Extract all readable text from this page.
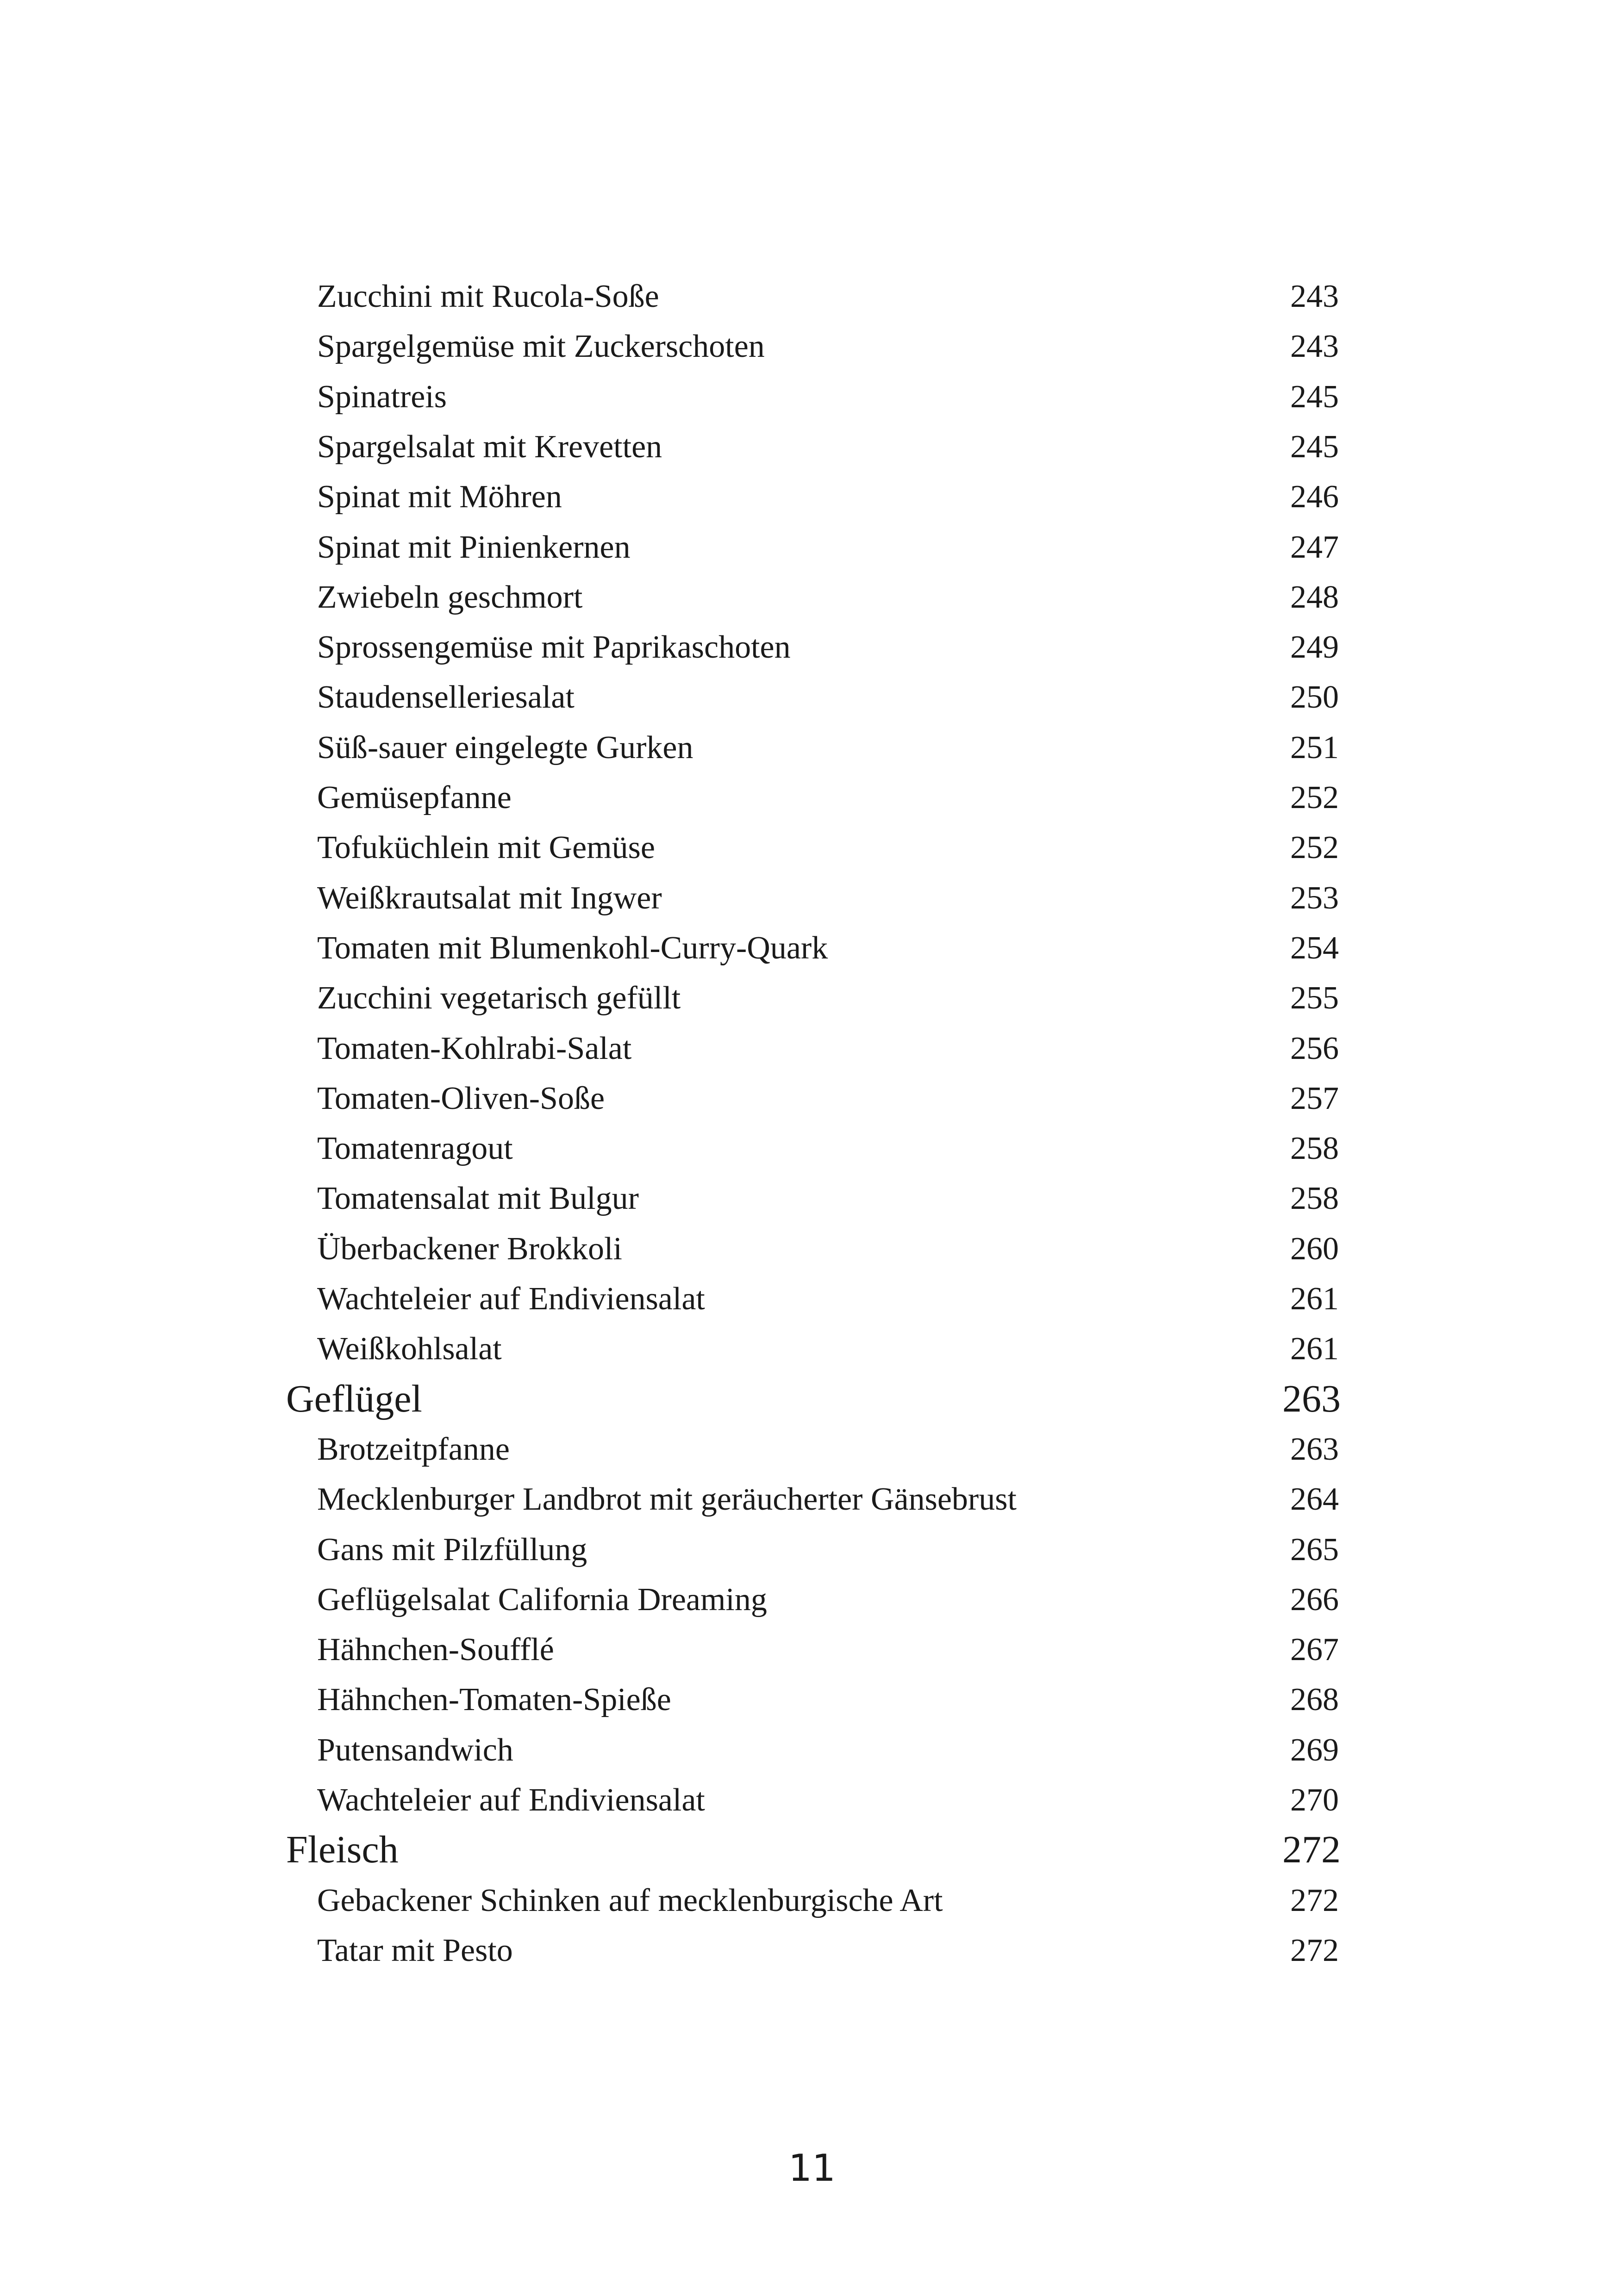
Zucchini mit Rucola-Soße	243
Spargelgemüse mit Zuckerschoten	243
Spinatreis	245
Spargelsalat mit Krevetten	245
Spinat mit Möhren	246
Spinat mit Pinienkernen	247
Zwiebeln geschmort	248
Sprossengemüse mit Paprikaschoten	249
Staudenselleriesalat	250
Süß-sauer eingelegte Gurken	251
Gemüsepfanne	252
Tofuküchlein mit Gemüse	252
Weißkrautsalat mit Ingwer	253
Tomaten mit Blumenkohl-Curry-Quark	254
Zucchini vegetarisch gefüllt	255
Tomaten-Kohlrabi-Salat	256
Tomaten-Oliven-Soße	257
Tomatenragout	258
Tomatensalat mit Bulgur	258
Überbackener Brokkoli	260
Wachteleier auf Endiviensalat	261
Weißkohlsalat	261
Geflügel	263
Brotzeitpfanne	263
Mecklenburger Landbrot mit geräucherter Gänsebrust	264
Gans mit Pilzfüllung	265
Geflügelsalat California Dreaming	266
Hähnchen-Soufflé	267
Hähnchen-Tomaten-Spieße	268
Putensandwich	269
Wachteleier auf Endiviensalat	270
Fleisch	272
Gebackener Schinken auf mecklenburgische Art	272
Tatar mit Pesto	272
11
